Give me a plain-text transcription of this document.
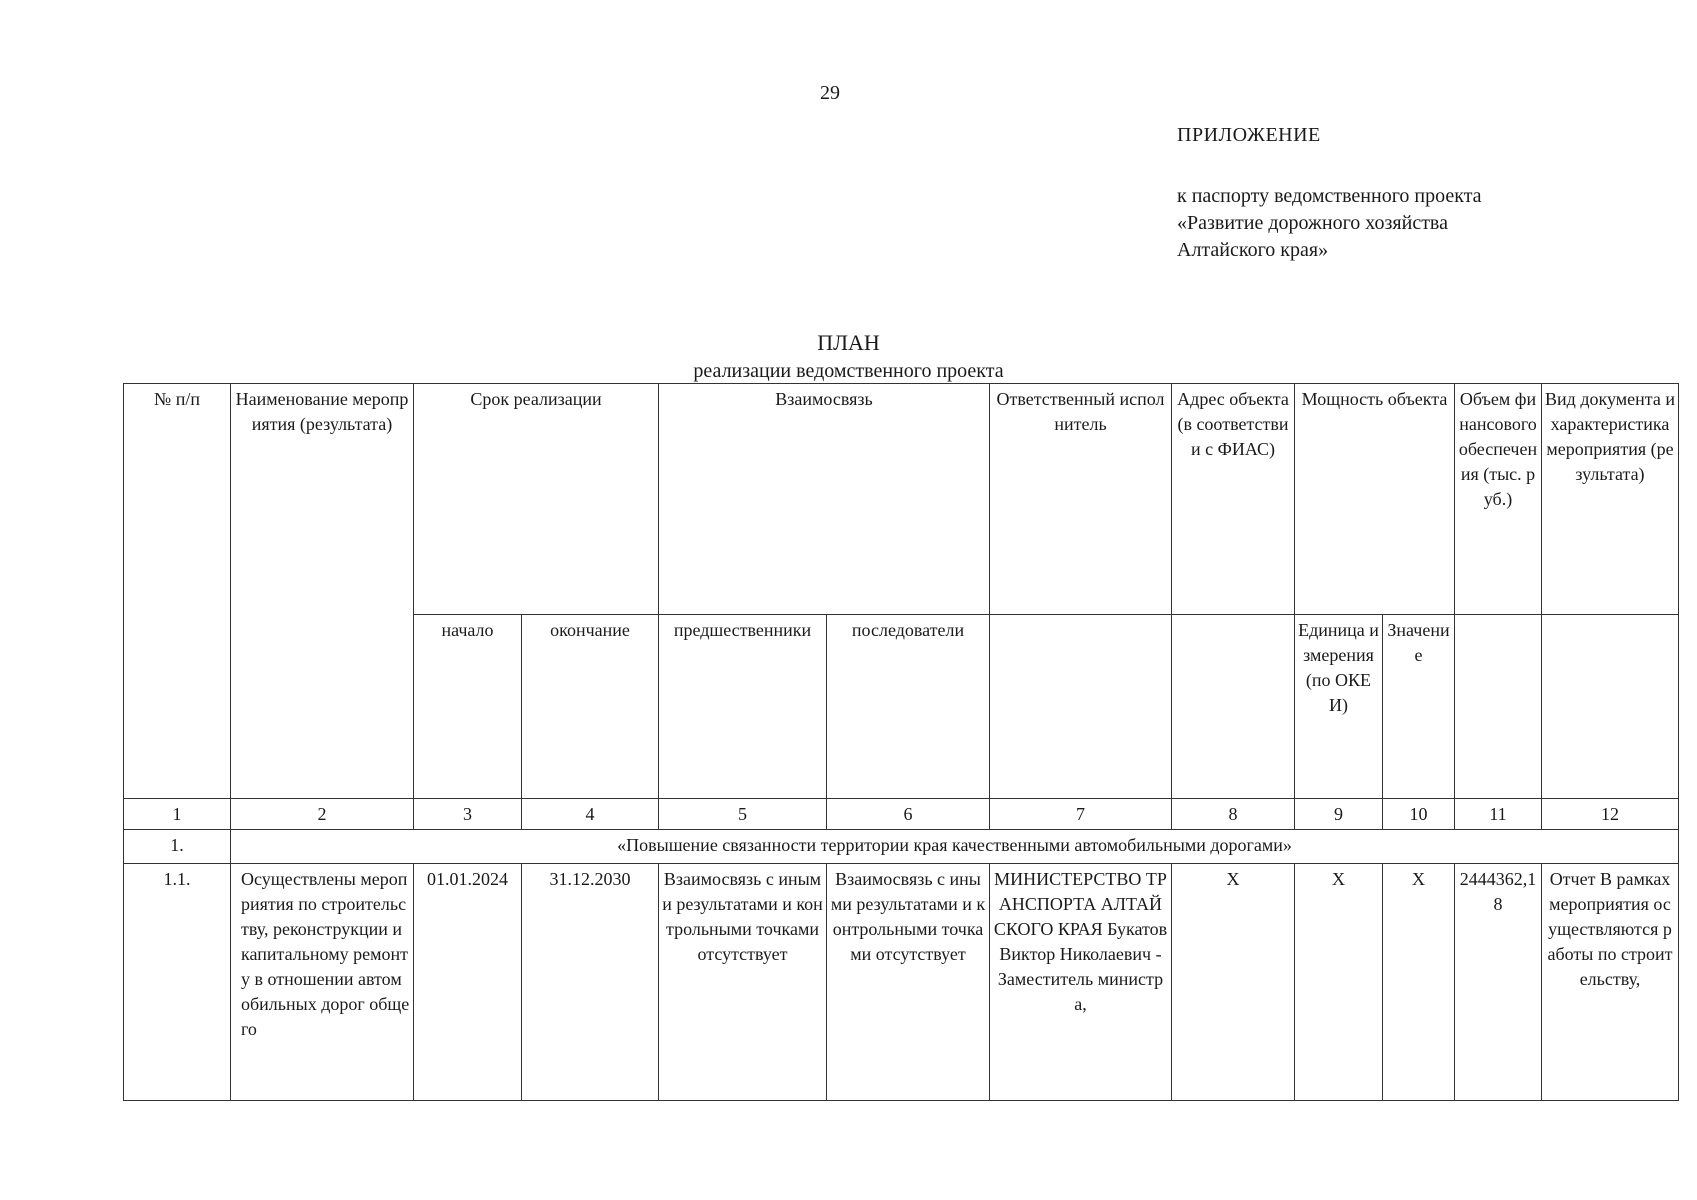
29
ПРИЛОЖЕНИЕ
к паспорту ведомственного проекта
«Развитие дорожного хозяйства
Алтайского края»
ПЛАН
реализации ведомственного проекта
№ п/п	Наименование мероприятия (результата)	Срок реализации		Взаимосвязь		Ответственный исполнитель	Адрес объекта (в соответствии с ФИАС)	Мощность объекта		Объем финансового обеспечения (тыс. руб.)	Вид документа и характеристика мероприятия (результата)
		начало	окончание	предшественники	последователи			Единица измерения (по ОКЕИ)	Значение		
1	2	3	4	5	6	7	8	9	10	11	12
1.	«Повышение связанности территории края качественными автомобильными дорогами»										
1.1.	Осуществлены мероприятия по строительству, реконструкции и капитальному ремонту в отношении автомобильных дорог общего	01.01.2024	31.12.2030	Взаимосвязь с иными результатами и контрольными точками отсутствует	Взаимосвязь с иными результатами и контрольными точками отсутствует	МИНИСТЕРСТВО ТРАНСПОРТА АЛТАЙСКОГО КРАЯ Букатов Виктор Николаевич - Заместитель министра,	Х	Х	Х	2444362,18	Отчет В рамках мероприятия осуществляются работы по строительству,
